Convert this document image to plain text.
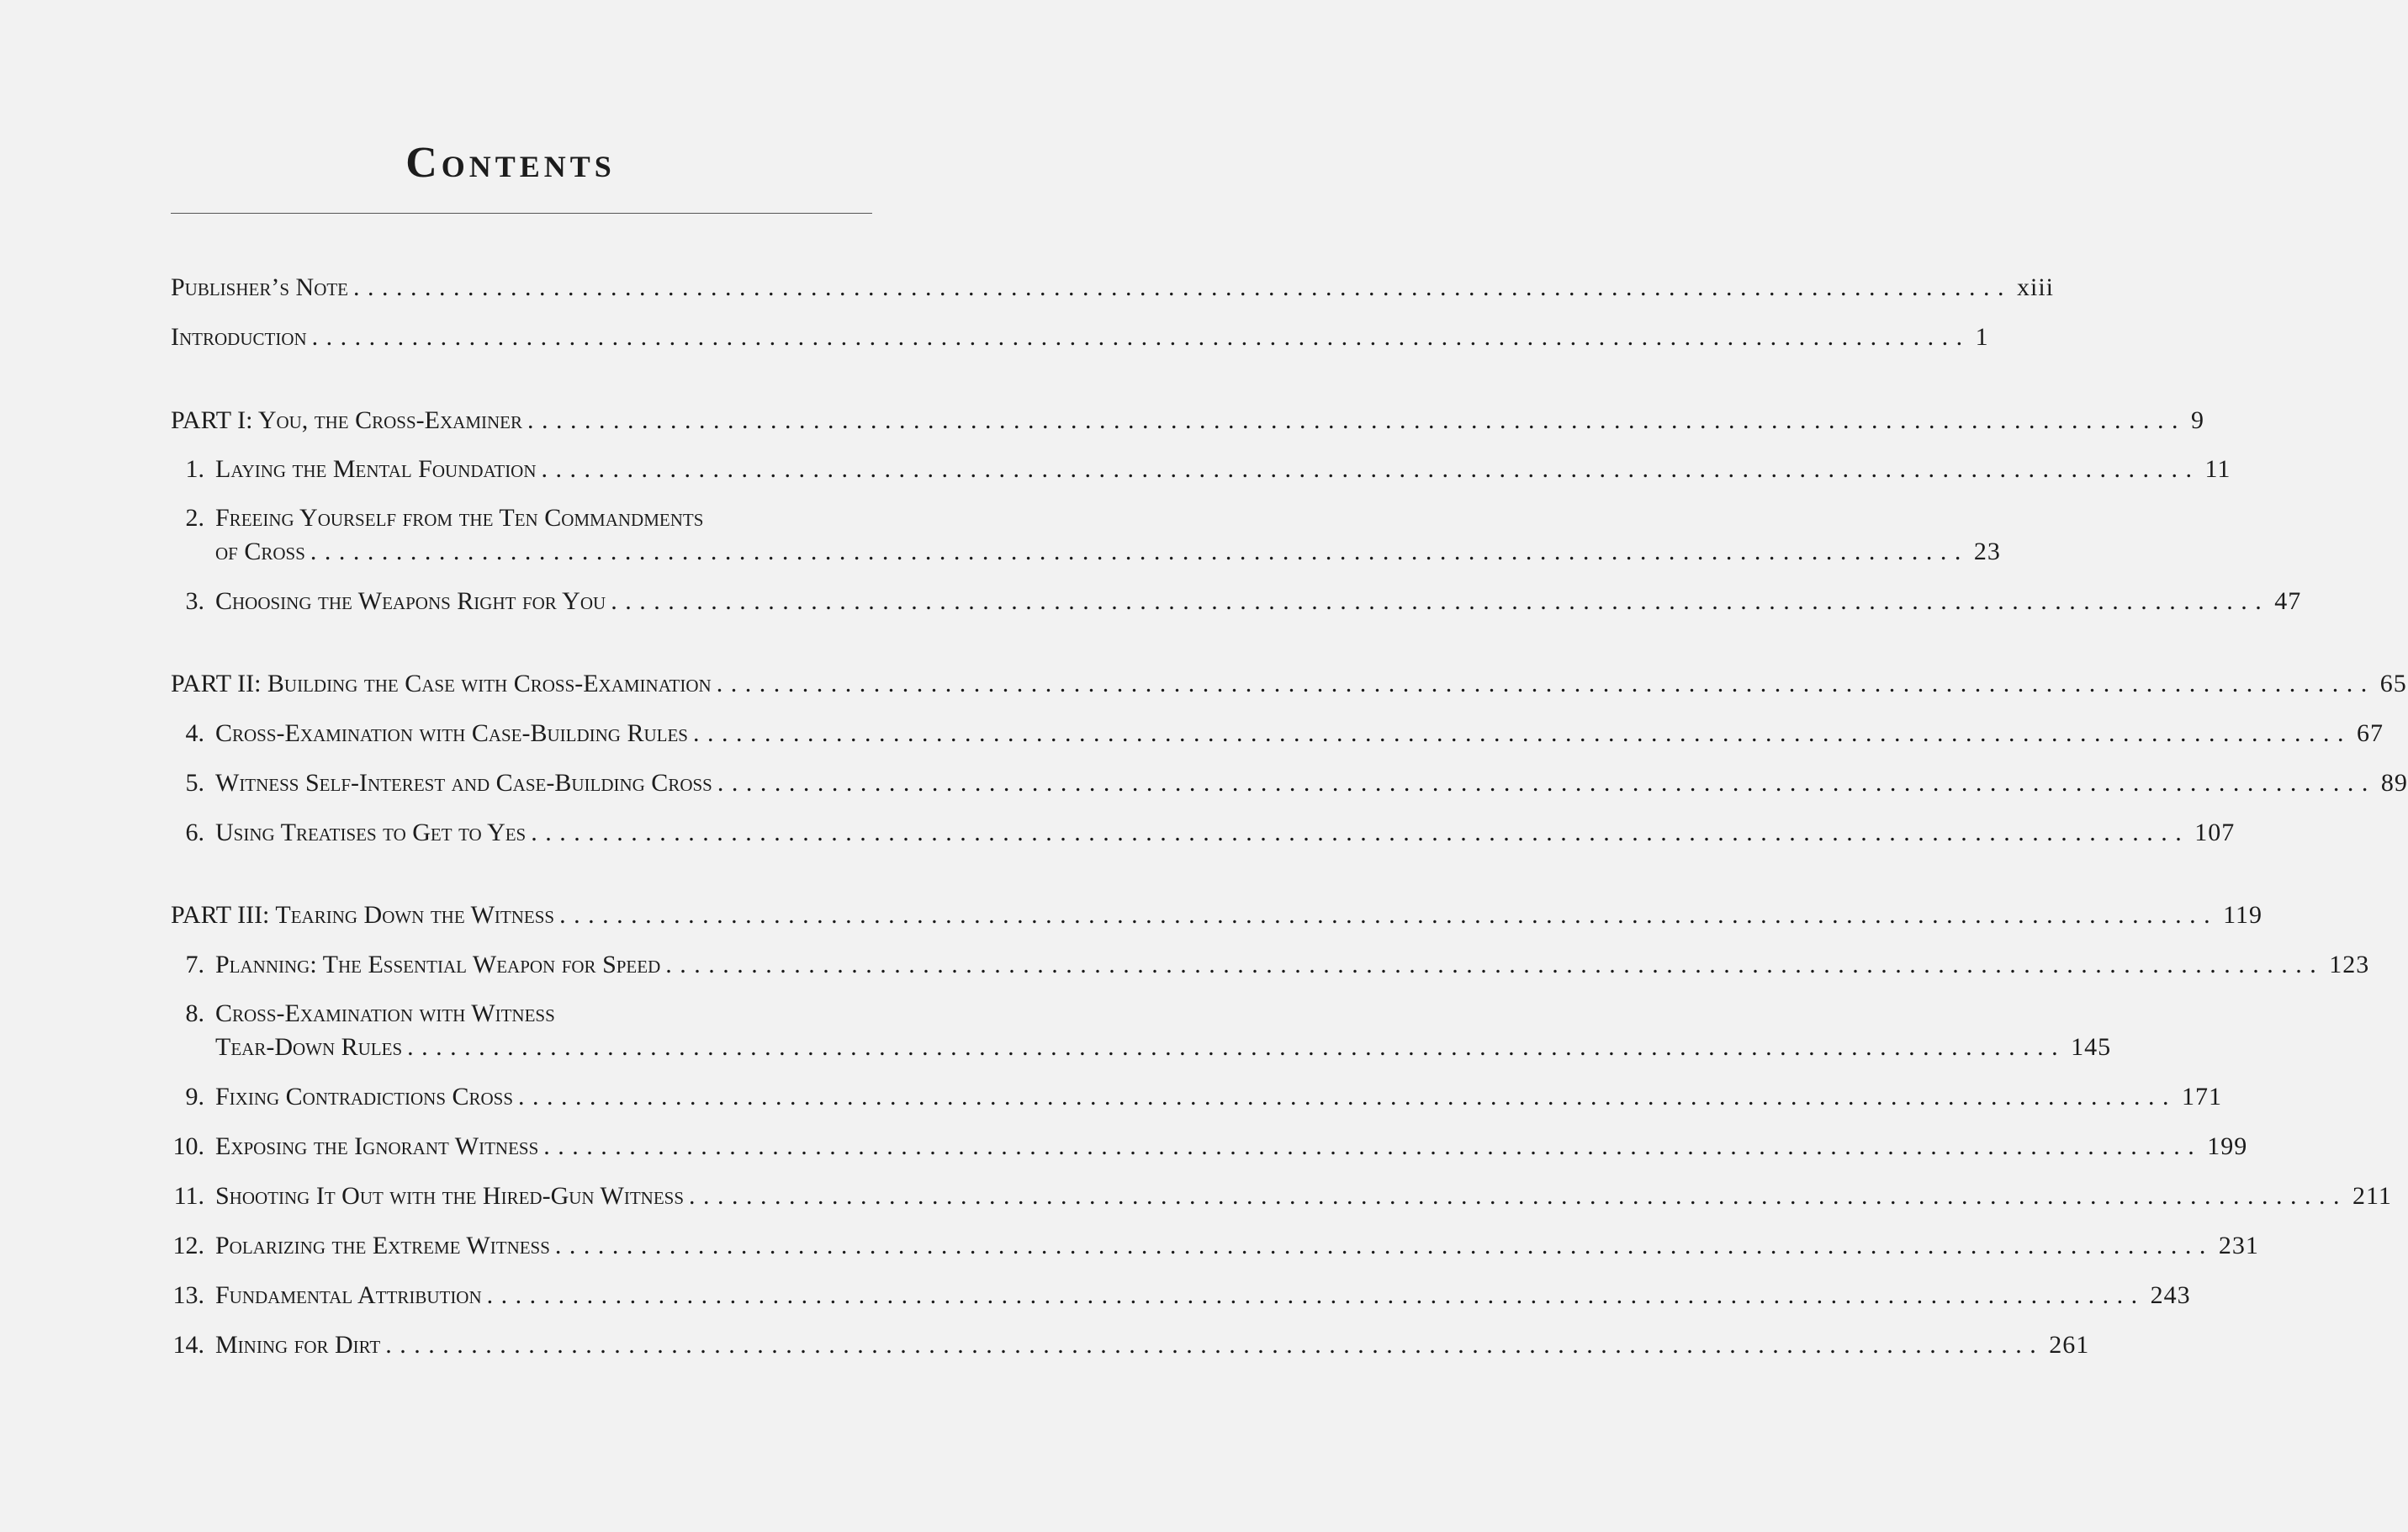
Contents
Publisher’s Note .................................................................................................................... xiii
Introduction .................................................................................................................... 1
PART I: You, the Cross-Examiner .................................................................................................................... 9
1. Laying the Mental Foundation .................................................................................................................... 11
2. Freeing Yourself from the Ten Commandments
of Cross .................................................................................................................... 23
3. Choosing the Weapons Right for You .................................................................................................................... 47
PART II: Building the Case with Cross-Examination .................................................................................................................... 65
4. Cross-Examination with Case-Building Rules .................................................................................................................... 67
5. Witness Self-Interest and Case-Building Cross .................................................................................................................... 89
6. Using Treatises to Get to Yes .................................................................................................................... 107
PART III: Tearing Down the Witness .................................................................................................................... 119
7. Planning: The Essential Weapon for Speed .................................................................................................................... 123
8. Cross-Examination with Witness
Tear-Down Rules .................................................................................................................... 145
9. Fixing Contradictions Cross .................................................................................................................... 171
10. Exposing the Ignorant Witness .................................................................................................................... 199
11. Shooting It Out with the Hired-Gun Witness .................................................................................................................... 211
12. Polarizing the Extreme Witness .................................................................................................................... 231
13. Fundamental Attribution .................................................................................................................... 243
14. Mining for Dirt .................................................................................................................... 261
